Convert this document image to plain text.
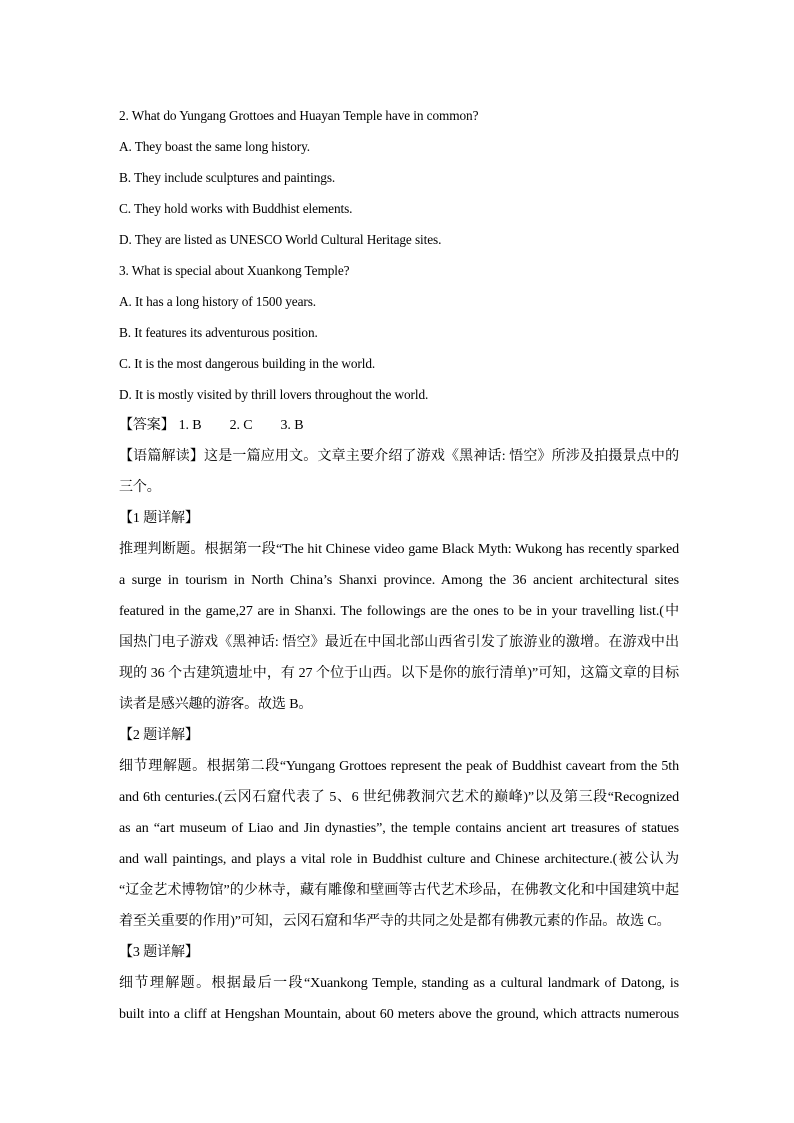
2. What do Yungang Grottoes and Huayan Temple have in common?
A. They boast the same long history.
B. They include sculptures and paintings.
C. They hold works with Buddhist elements.
D. They are listed as UNESCO World Cultural Heritage sites.
3. What is special about Xuankong Temple?
A. It has a long history of 1500 years.
B. It features its adventurous position.
C. It is the most dangerous building in the world.
D. It is mostly visited by thrill lovers throughout the world.
【答案】 1. B 2. C 3. B
【语篇解读】这是一篇应用文。文章主要介绍了游戏《黑神话: 悟空》所涉及拍摄景点中的
三个。
【1 题详解】
推理判断题。根据第一段“The hit Chinese video game Black Myth: Wukong has recently sparked
a surge in tourism in North China’s Shanxi province. Among the 36 ancient architectural sites
featured in the game,27 are in Shanxi. The followings are the ones to be in your travelling list.(中
国热门电子游戏《黑神话: 悟空》最近在中国北部山西省引发了旅游业的激增。在游戏中出
现的 36 个古建筑遗址中，有 27 个位于山西。以下是你的旅行清单)”可知，这篇文章的目标
读者是感兴趣的游客。故选 B。
【2 题详解】
细节理解题。根据第二段“Yungang Grottoes represent the peak of Buddhist caveart from the 5th
and 6th centuries.(云冈石窟代表了 5、6 世纪佛教洞穴艺术的巅峰)”以及第三段“Recognized
as an “art museum of Liao and Jin dynasties”, the temple contains ancient art treasures of statues
and wall paintings, and plays a vital role in Buddhist culture and Chinese architecture.(被公认为
“辽金艺术博物馆”的少林寺，藏有雕像和壁画等古代艺术珍品，在佛教文化和中国建筑中起
着至关重要的作用)”可知，云冈石窟和华严寺的共同之处是都有佛教元素的作品。故选 C。
【3 题详解】
细节理解题。根据最后一段“Xuankong Temple, standing as a cultural landmark of Datong, is
built into a cliff at Hengshan Mountain, about 60 meters above the ground, which attracts numerous
